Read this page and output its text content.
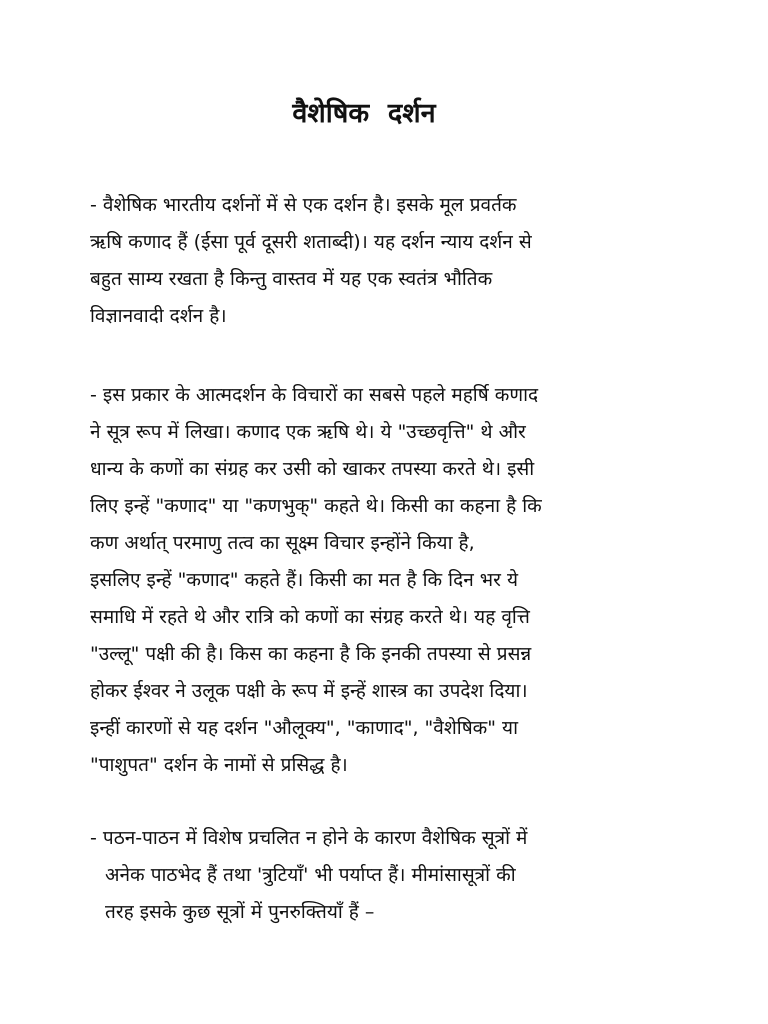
वैशेषिक  दर्शन
- वैशेषिक भारतीय दर्शनों में से एक दर्शन है। इसके मूल प्रवर्तक
ऋषि कणाद हैं (ईसा पूर्व दूसरी शताब्दी)। यह दर्शन न्याय दर्शन से
बहुत साम्य रखता है किन्तु वास्तव में यह एक स्वतंत्र भौतिक
विज्ञानवादी दर्शन है।
- इस प्रकार के आत्मदर्शन के विचारों का सबसे पहले महर्षि कणाद
ने सूत्र रूप में लिखा। कणाद एक ऋषि थे। ये "उच्छवृत्ति" थे और
धान्य के कणों का संग्रह कर उसी को खाकर तपस्या करते थे। इसी
लिए इन्हें "कणाद" या "कणभुक्" कहते थे। किसी का कहना है कि
कण अर्थात् परमाणु तत्व का सूक्ष्म विचार इन्होंने किया है,
इसलिए इन्हें "कणाद" कहते हैं। किसी का मत है कि दिन भर ये
समाधि में रहते थे और रात्रि को कणों का संग्रह करते थे। यह वृत्ति
"उल्लू" पक्षी की है। किस का कहना है कि इनकी तपस्या से प्रसन्न
होकर ईश्वर ने उलूक पक्षी के रूप में इन्हें शास्त्र का उपदेश दिया।
इन्हीं कारणों से यह दर्शन "औलूक्य", "काणाद", "वैशेषिक" या
"पाशुपत" दर्शन के नामों से प्रसिद्ध है।
- पठन-पाठन में विशेष प्रचलित न होने के कारण वैशेषिक सूत्रों में
अनेक पाठभेद हैं तथा 'त्रुटियाँ' भी पर्याप्त हैं। मीमांसासूत्रों की
तरह इसके कुछ सूत्रों में पुनरुक्तियाँ हैं –
